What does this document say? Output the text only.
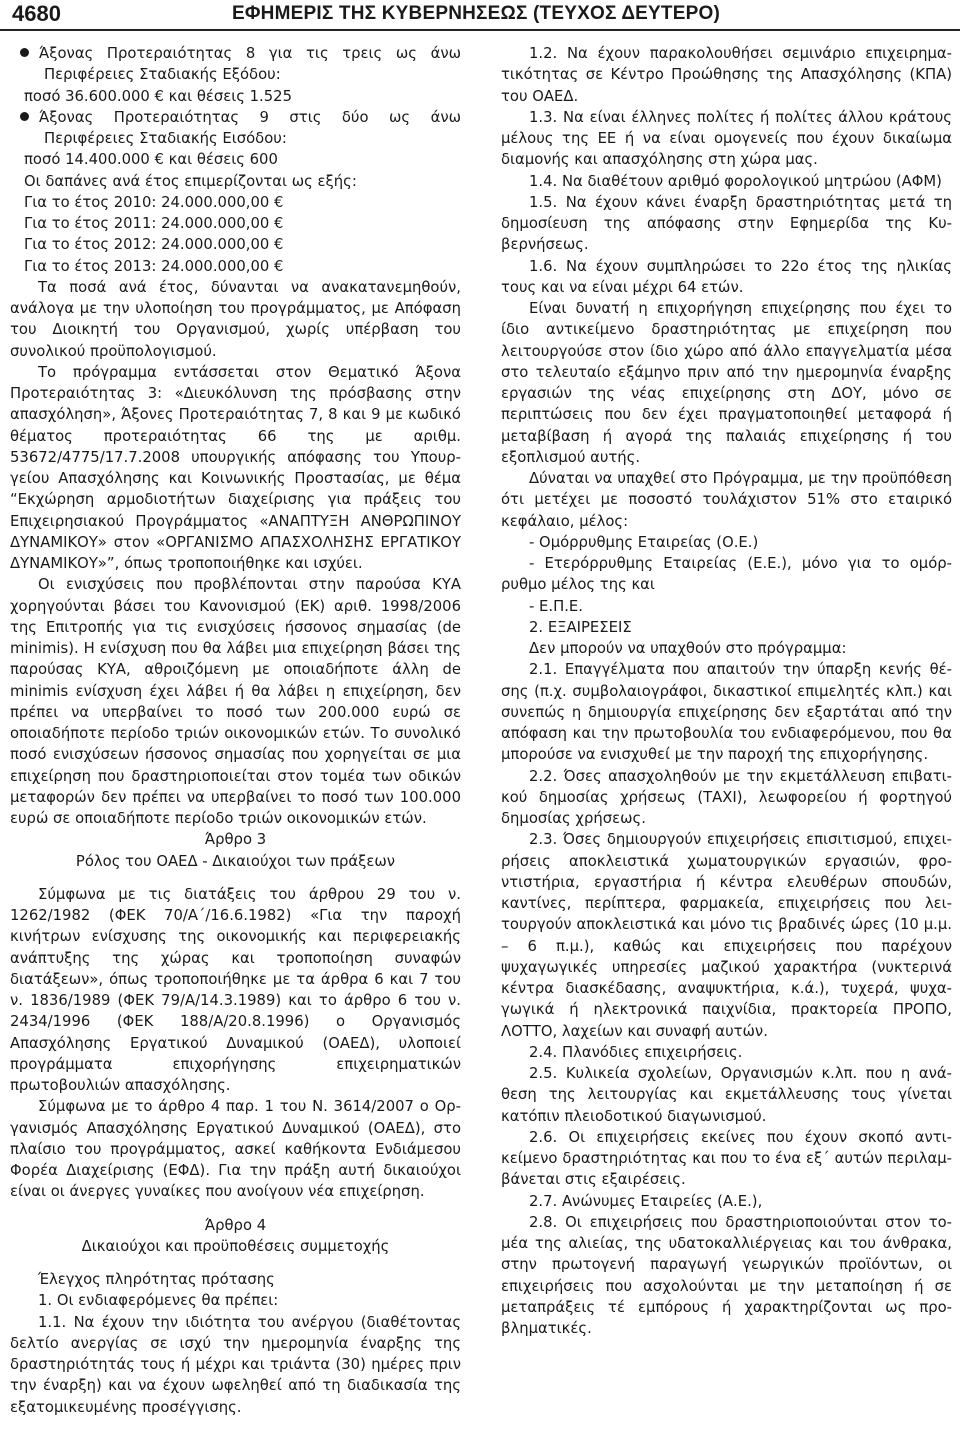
4680	ΕΦΗΜΕΡΙΣ ΤΗΣ ΚΥΒΕΡΝΗΣΕΩΣ (ΤΕΥΧΟΣ ΔΕΥΤΕΡΟ)

Άξονας Προτεραιότητας 8 για τις τρεις ως άνω Περιφέρειες Σταδιακής Εξόδου:

ποσό 36.600.000 € και θέσεις 1.525

Άξονας Προτεραιότητας 9 στις δύο ως άνω Περιφέρειες Σταδιακής Εισόδου:

ποσό 14.400.000 € και θέσεις 600

Οι δαπάνες ανά έτος επιμερίζονται ως εξής:

Για το έτος 2010: 24.000.000,00 €

Για το έτος 2011: 24.000.000,00 €

Για το έτος 2012: 24.000.000,00 €

Για το έτος 2013: 24.000.000,00 €

Τα ποσά ανά έτος, δύνανται να ανακατανεμηθούν, ανάλογα με την υλοποίηση του προγράμματος, με Απόφαση του Διοικητή του Οργανισμού, χωρίς υπέρβαση του συνολικού προϋπολογισμού.

Το πρόγραμμα εντάσσεται στον Θεματικό Άξονα Προτεραιότητας 3: «Διευκόλυνση της πρόσβασης στην απασχόληση», Άξονες Προτεραιότητας 7, 8 και 9 με κωδικό θέματος προτεραιότητας 66 της με αριθμ. 53672/4775/17.7.2008 υπουργικής απόφασης του Υπουργείου Απασχόλησης και Κοινωνικής Προστασίας, με θέμα “Εκχώρηση αρμοδιοτήτων διαχείρισης για πράξεις του Επιχειρησιακού Προγράμματος «ΑΝΑΠΤΥΞΗ ΑΝΘΡΩΠΙΝΟΥ ΔΥΝΑΜΙΚΟΥ» στον «ΟΡΓΑΝΙΣΜΟ ΑΠΑΣΧΟΛΗΣΗΣ ΕΡΓΑΤΙΚΟΥ ΔΥΝΑΜΙΚΟΥ»”, όπως τροποποιήθηκε και ισχύει.

Οι ενισχύσεις που προβλέπονται στην παρούσα ΚΥΑ χορηγούνται βάσει του Κανονισμού (ΕΚ) αριθ. 1998/2006 της Επιτροπής για τις ενισχύσεις ήσσονος σημασίας (de minimis). Η ενίσχυση που θα λάβει μια επιχείρηση βάσει της παρούσας ΚΥΑ, αθροιζόμενη με οποιαδήποτε άλλη de minimis ενίσχυση έχει λάβει ή θα λάβει η επιχείρηση, δεν πρέπει να υπερβαίνει το ποσό των 200.000 ευρώ σε οποιαδήποτε περίοδο τριών οικονομικών ετών. Το συνολικό ποσό ενισχύσεων ήσσονος σημασίας που χορηγείται σε μια επιχείρηση που δραστηριοποιείται στον τομέα των οδικών μεταφορών δεν πρέπει να υπερβαίνει το ποσό των 100.000 ευρώ σε οποιαδήποτε περίοδο τριών οικονομικών ετών.

Άρθρο 3

Ρόλος του ΟΑΕΔ - Δικαιούχοι των πράξεων

Σύμφωνα με τις διατάξεις του άρθρου 29 του ν. 1262/1982 (ΦΕΚ 70/Α΄/16.6.1982) «Για την παροχή κινήτρων ενίσχυσης της οικονομικής και περιφερειακής ανάπτυξης της χώρας και τροποποίηση συναφών διατάξεων», όπως τροποποιήθηκε με τα άρθρα 6 και 7 του ν. 1836/1989 (ΦΕΚ 79/Α/14.3.1989) και το άρθρο 6 του ν. 2434/1996 (ΦΕΚ 188/Α/20.8.1996) ο Οργανισμός Απασχόλησης Εργατικού Δυναμικού (ΟΑΕΔ), υλοποιεί προγράμματα επιχορήγησης επιχειρηματικών πρωτοβουλιών απασχόλησης.

Σύμφωνα με το άρθρο 4 παρ. 1 του Ν. 3614/2007 ο Οργανισμός Απασχόλησης Εργατικού Δυναμικού (ΟΑΕΔ), στο πλαίσιο του προγράμματος, ασκεί καθήκοντα Ενδιάμεσου Φορέα Διαχείρισης (ΕΦΔ). Για την πράξη αυτή δικαιούχοι είναι οι άνεργες γυναίκες που ανοίγουν νέα επιχείρηση.

Άρθρο 4

Δικαιούχοι και προϋποθέσεις συμμετοχής

Έλεγχος πληρότητας πρότασης

1. Οι ενδιαφερόμενες θα πρέπει:

1.1. Να έχουν την ιδιότητα του ανέργου (διαθέτοντας δελτίο ανεργίας σε ισχύ την ημερομηνία έναρξης της δραστηριότητάς τους ή μέχρι και τριάντα (30) ημέρες πριν την έναρξη) και να έχουν ωφεληθεί από τη διαδικασία της εξατομικευμένης προσέγγισης.

1.2. Να έχουν παρακολουθήσει σεμινάριο επιχειρηματικότητας σε Κέντρο Προώθησης της Απασχόλησης (ΚΠΑ) του ΟΑΕΔ.

1.3. Να είναι έλληνες πολίτες ή πολίτες άλλου κράτους μέλους της ΕΕ ή να είναι ομογενείς που έχουν δικαίωμα διαμονής και απασχόλησης στη χώρα μας.

1.4. Να διαθέτουν αριθμό φορολογικού μητρώου (ΑΦΜ)

1.5. Να έχουν κάνει έναρξη δραστηριότητας μετά τη δημοσίευση της απόφασης στην Εφημερίδα της Κυβερνήσεως.

1.6. Να έχουν συμπληρώσει το 22ο έτος της ηλικίας τους και να είναι μέχρι 64 ετών.

Είναι δυνατή η επιχορήγηση επιχείρησης που έχει το ίδιο αντικείμενο δραστηριότητας με επιχείρηση που λειτουργούσε στον ίδιο χώρο από άλλο επαγγελματία μέσα στο τελευταίο εξάμηνο πριν από την ημερομηνία έναρξης εργασιών της νέας επιχείρησης στη ΔΟΥ, μόνο σε περιπτώσεις που δεν έχει πραγματοποιηθεί μεταφορά ή μεταβίβαση ή αγορά της παλαιάς επιχείρησης ή του εξοπλισμού αυτής.

Δύναται να υπαχθεί στο Πρόγραμμα, με την προϋπόθεση ότι μετέχει με ποσοστό τουλάχιστον 51% στο εταιρικό κεφάλαιο, μέλος:

- Ομόρρυθμης Εταιρείας (Ο.Ε.)

- Ετερόρρυθμης Εταιρείας (Ε.Ε.), μόνο για το ομόρρυθμο μέλος της και

- Ε.Π.Ε.

2. ΕΞΑΙΡΕΣΕΙΣ

Δεν μπορούν να υπαχθούν στο πρόγραμμα:

2.1. Επαγγέλματα που απαιτούν την ύπαρξη κενής θέσης (π.χ. συμβολαιογράφοι, δικαστικοί επιμελητές κλπ.) και συνεπώς η δημιουργία επιχείρησης δεν εξαρτάται από την απόφαση και την πρωτοβουλία του ενδιαφερόμενου, που θα μπορούσε να ενισχυθεί με την παροχή της επιχορήγησης.

2.2. Όσες απασχοληθούν με την εκμετάλλευση επιβατικού δημοσίας χρήσεως (ΤΑΧΙ), λεωφορείου ή φορτηγού δημοσίας χρήσεως.

2.3. Όσες δημιουργούν επιχειρήσεις επισιτισμού, επιχειρήσεις αποκλειστικά χωματουργικών εργασιών, φροντιστήρια, εργαστήρια ή κέντρα ελευθέρων σπουδών, καντίνες, περίπτερα, φαρμακεία, επιχειρήσεις που λειτουργούν αποκλειστικά και μόνο τις βραδινές ώρες (10 μ.μ. – 6 π.μ.), καθώς και επιχειρήσεις που παρέχουν ψυχαγωγικές υπηρεσίες μαζικού χαρακτήρα (νυκτερινά κέντρα διασκέδασης, αναψυκτήρια, κ.ά.), τυχερά, ψυχαγωγικά ή ηλεκτρονικά παιχνίδια, πρακτορεία ΠΡΟΠΟ, ΛΟΤΤΟ, λαχείων και συναφή αυτών.

2.4. Πλανόδιες επιχειρήσεις.

2.5. Κυλικεία σχολείων, Οργανισμών κ.λπ. που η ανάθεση της λειτουργίας και εκμετάλλευσης τους γίνεται κατόπιν πλειοδοτικού διαγωνισμού.

2.6. Οι επιχειρήσεις εκείνες που έχουν σκοπό αντικείμενο δραστηριότητας και που το ένα εξ΄ αυτών περιλαμβάνεται στις εξαιρέσεις.

2.7. Ανώνυμες Εταιρείες (Α.Ε.),

2.8. Οι επιχειρήσεις που δραστηριοποιούνται στον τομέα της αλιείας, της υδατοκαλλιέργειας και του άνθρακα, στην πρωτογενή παραγωγή γεωργικών προϊόντων, οι επιχειρήσεις που ασχολούνται με την μεταποίηση ή σε μεταπράξεις τέ εμπόρους ή χαρακτηρίζονται ως προβληματικές.
